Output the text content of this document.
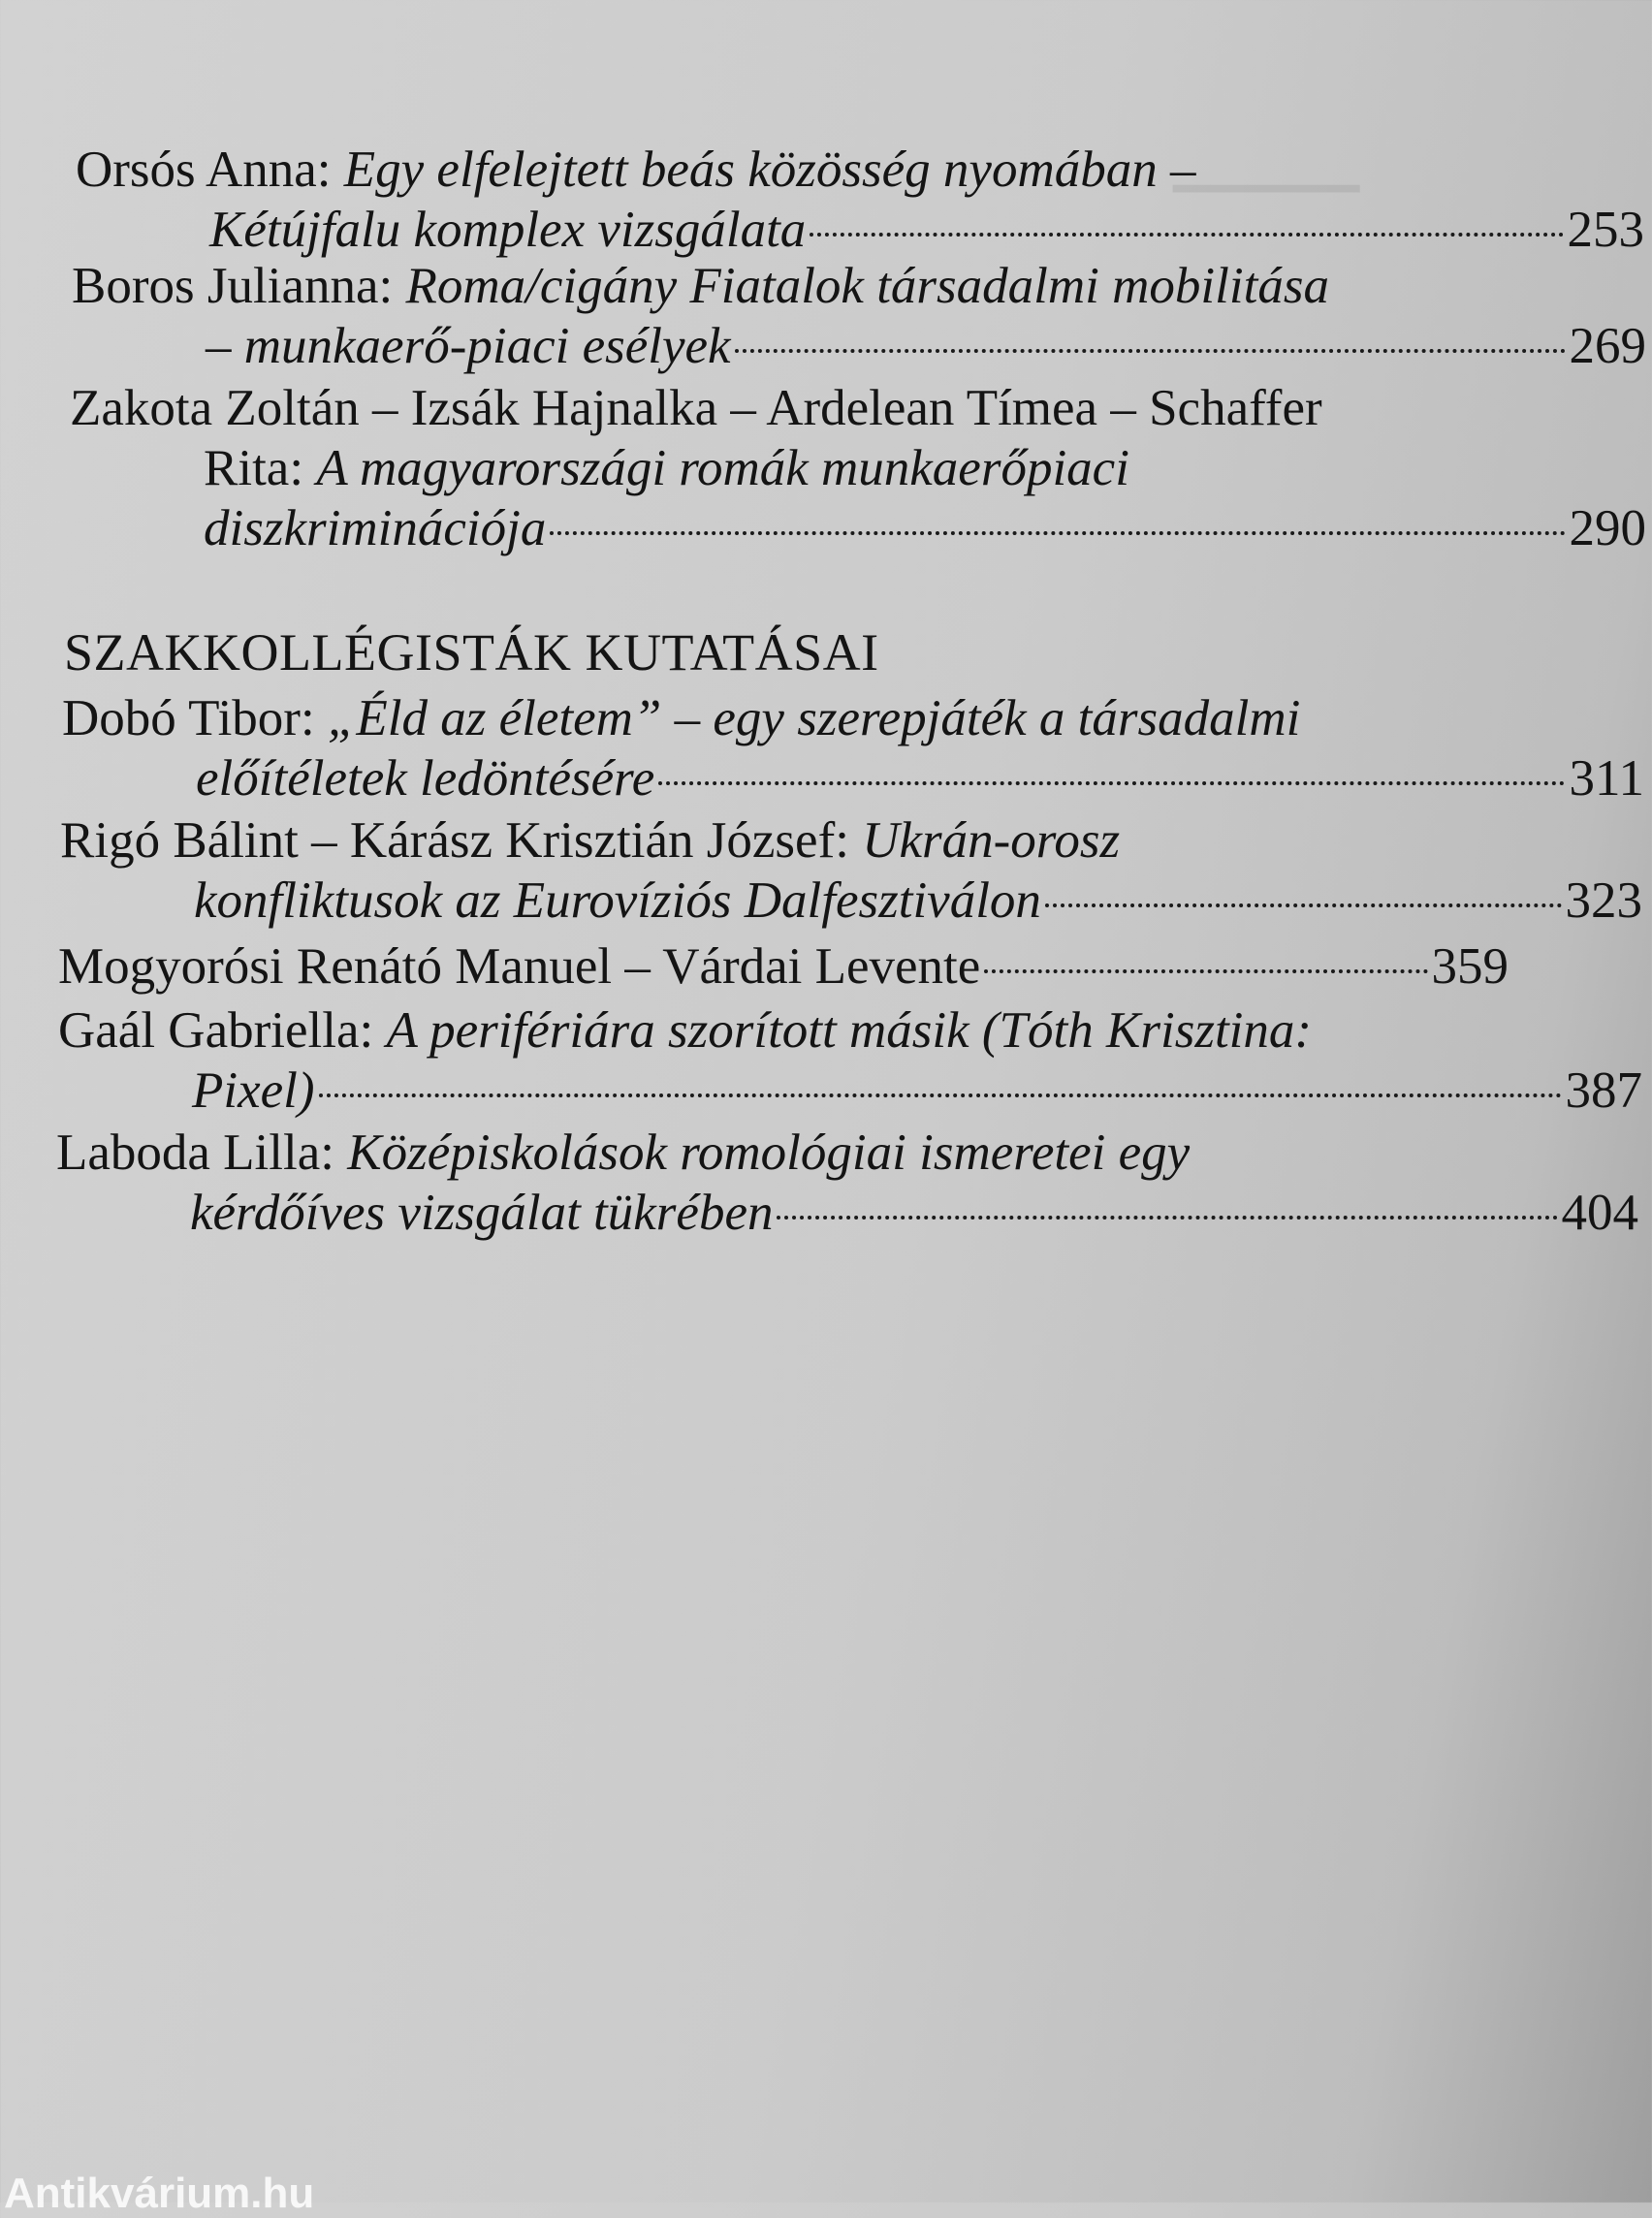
▁▁▁▁▁
Orsós Anna: Egy elfelejtett beás közösség nyomában –
Kétújfalu komplex vizsgálata	253
Boros Julianna: Roma/cigány Fiatalok társadalmi mobilitása
– munkaerő-piaci esélyek	269
Zakota Zoltán – Izsák Hajnalka – Ardelean Tímea – Schaffer
Rita: A magyarországi romák munkaerőpiaci
diszkriminációja	290
SZAKKOLLÉGISTÁK KUTATÁSAI
Dobó Tibor: „Éld az életem” – egy szerepjáték a társadalmi
előítéletek ledöntésére	311
Rigó Bálint – Kárász Krisztián József: Ukrán-orosz
konfliktusok az Eurovíziós Dalfesztiválon	323
Mogyorósi Renátó Manuel – Várdai Levente	359
Gaál Gabriella: A perifériára szorított másik (Tóth Krisztina:
Pixel)	387
Laboda Lilla: Középiskolások romológiai ismeretei egy
kérdőíves vizsgálat tükrében	404
Antikvárium.hu
